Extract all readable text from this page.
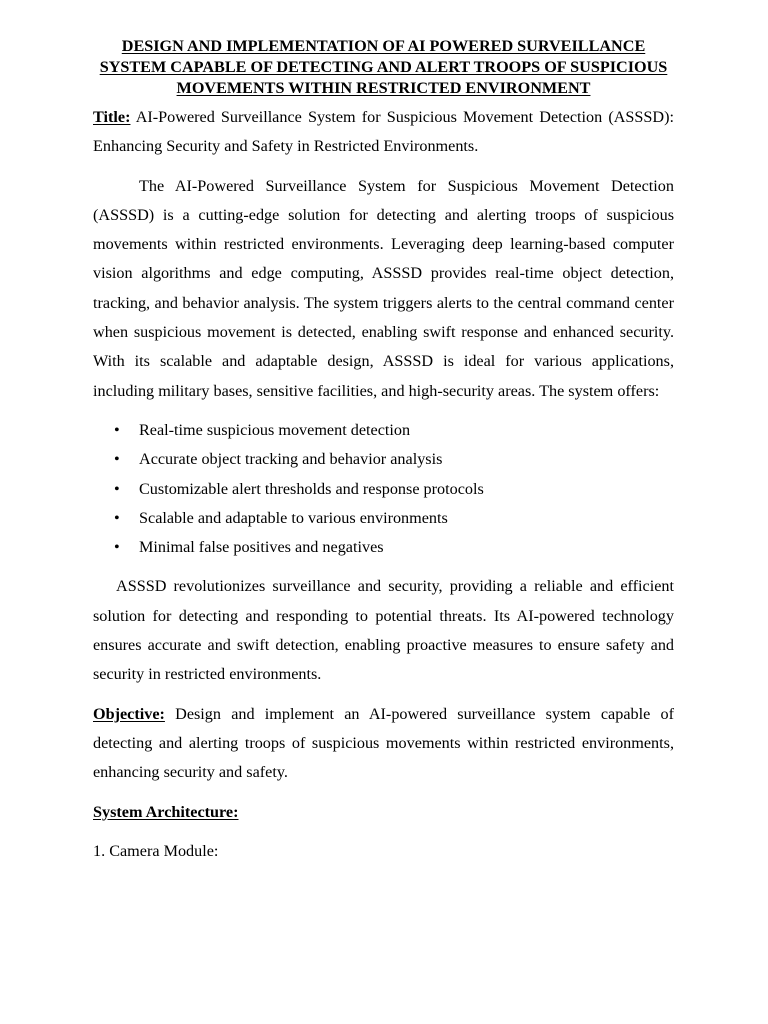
DESIGN AND IMPLEMENTATION OF AI POWERED SURVEILLANCE SYSTEM CAPABLE OF DETECTING AND ALERT TROOPS OF SUSPICIOUS MOVEMENTS WITHIN RESTRICTED ENVIRONMENT

Title: AI-Powered Surveillance System for Suspicious Movement Detection (ASSSD): Enhancing Security and Safety in Restricted Environments.

The AI-Powered Surveillance System for Suspicious Movement Detection (ASSSD) is a cutting-edge solution for detecting and alerting troops of suspicious movements within restricted environments. Leveraging deep learning-based computer vision algorithms and edge computing, ASSSD provides real-time object detection, tracking, and behavior analysis. The system triggers alerts to the central command center when suspicious movement is detected, enabling swift response and enhanced security. With its scalable and adaptable design, ASSSD is ideal for various applications, including military bases, sensitive facilities, and high-security areas. The system offers:

• Real-time suspicious movement detection
• Accurate object tracking and behavior analysis
• Customizable alert thresholds and response protocols
• Scalable and adaptable to various environments
• Minimal false positives and negatives

ASSSD revolutionizes surveillance and security, providing a reliable and efficient solution for detecting and responding to potential threats. Its AI-powered technology ensures accurate and swift detection, enabling proactive measures to ensure safety and security in restricted environments.

Objective: Design and implement an AI-powered surveillance system capable of detecting and alerting troops of suspicious movements within restricted environments, enhancing security and safety.

System Architecture:

1. Camera Module:
